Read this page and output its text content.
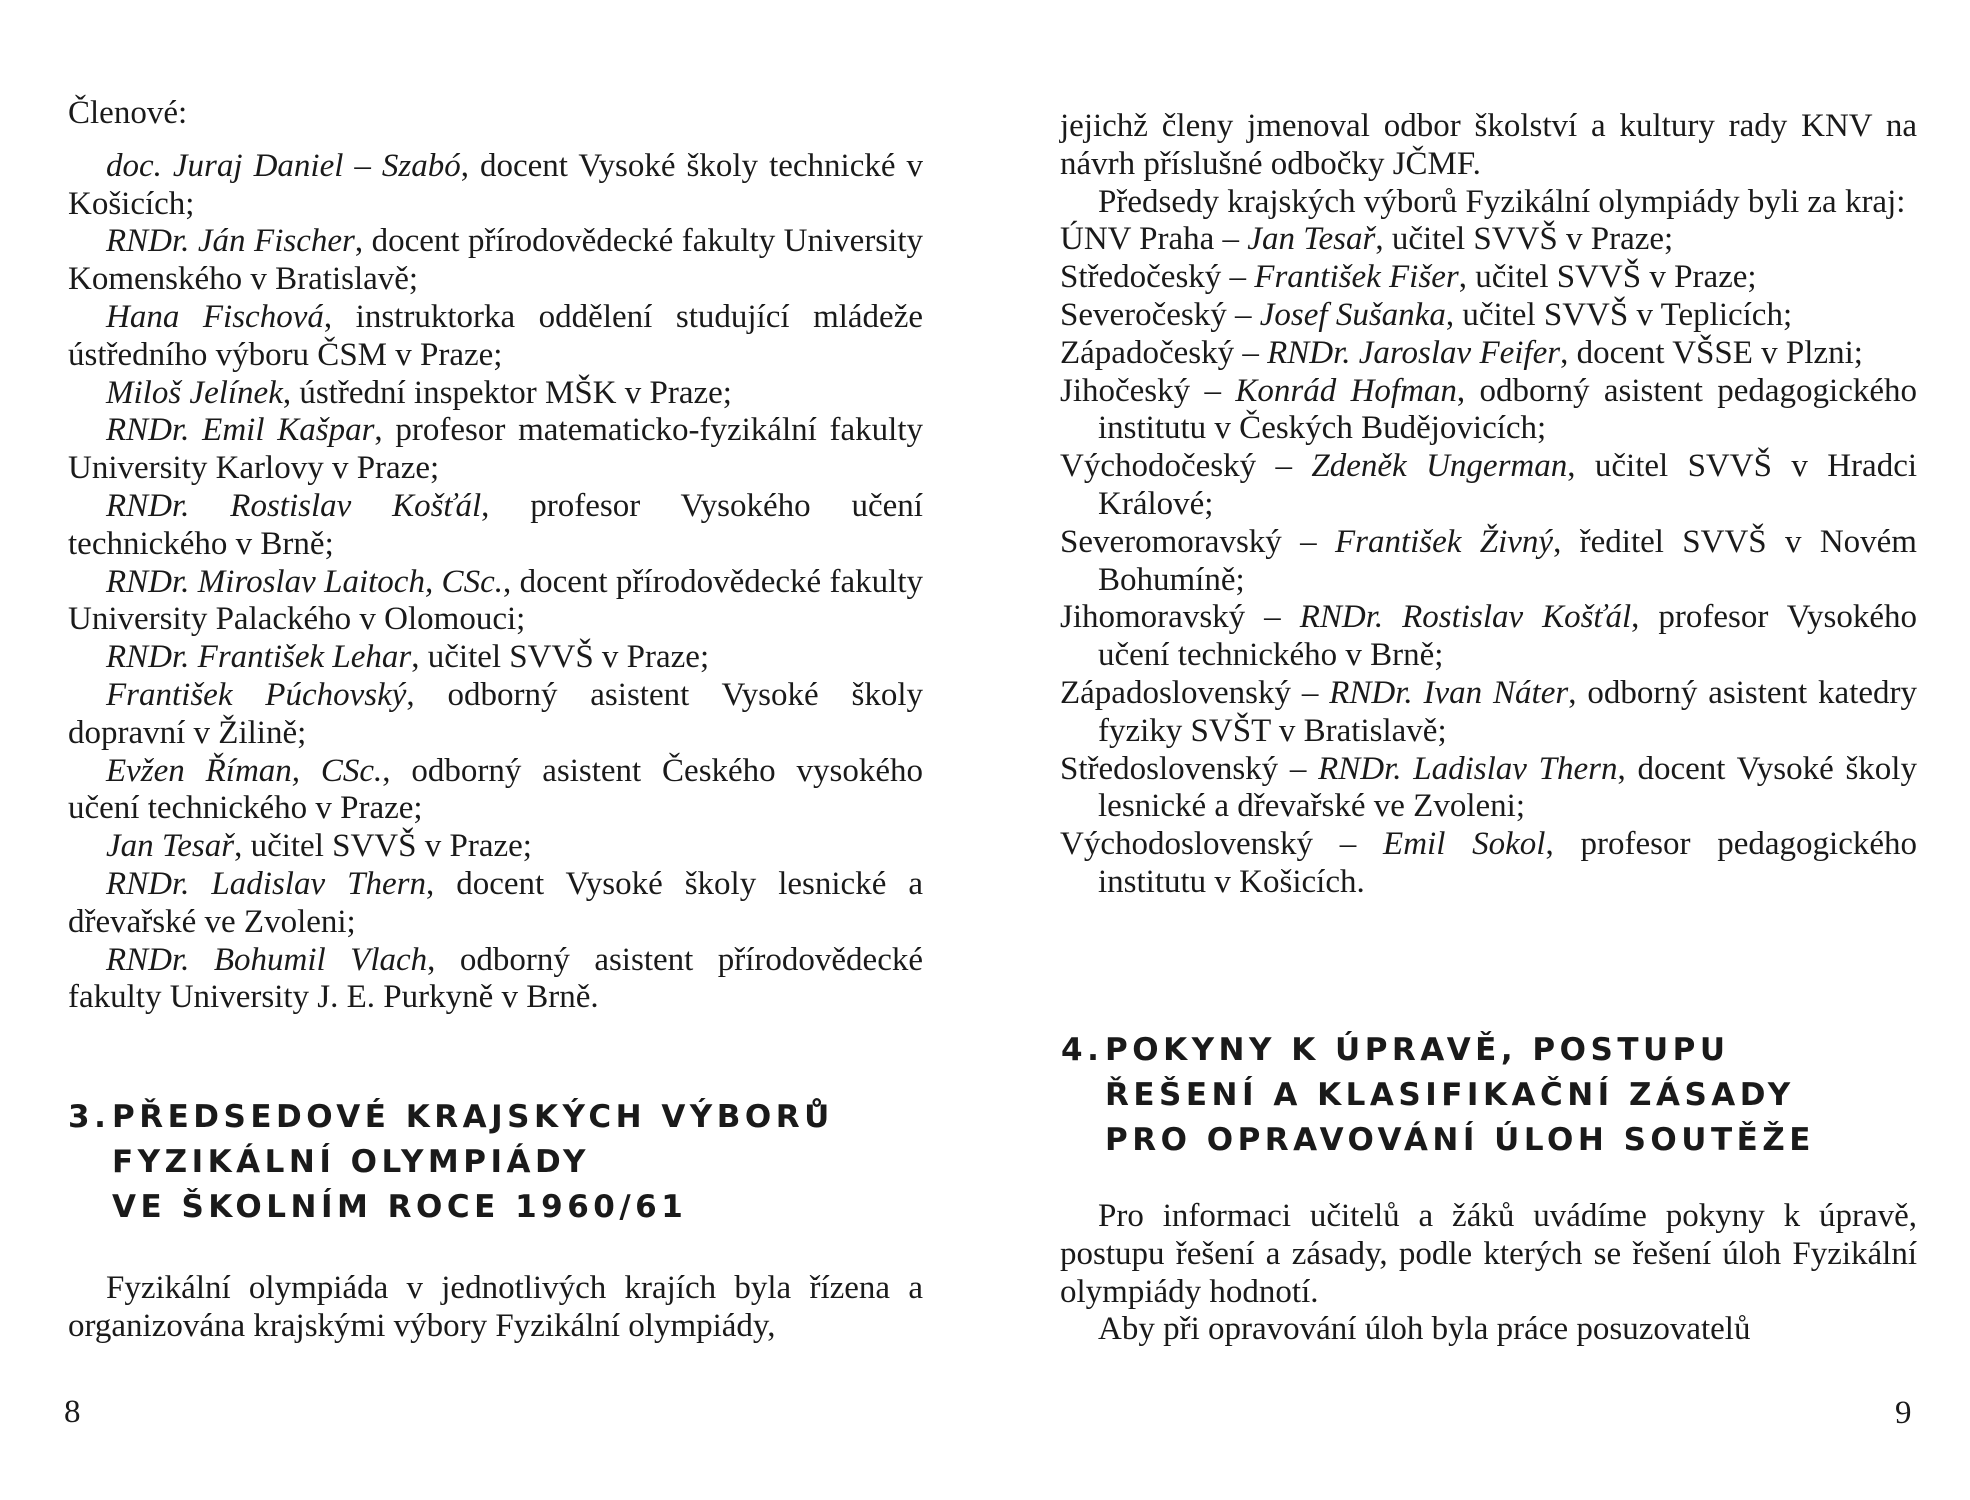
Členové:

doc. Juraj Daniel – Szabó, docent Vysoké školy technické v Košicích;

RNDr. Ján Fischer, docent přírodovědecké fakulty University Komenského v Bratislavě;

Hana Fischová, instruktorka oddělení studující mládeže ústředního výboru ČSM v Praze;

Miloš Jelínek, ústřední inspektor MŠK v Praze;

RNDr. Emil Kašpar, profesor matematicko-fyzikální fakulty University Karlovy v Praze;

RNDr. Rostislav Košťál, profesor Vysokého učení technického v Brně;

RNDr. Miroslav Laitoch, CSc., docent přírodovědecké fakulty University Palackého v Olomouci;

RNDr. František Lehar, učitel SVVŠ v Praze;

František Púchovský, odborný asistent Vysoké školy dopravní v Žilině;

Evžen Říman, CSc., odborný asistent Českého vysokého učení technického v Praze;

Jan Tesař, učitel SVVŠ v Praze;

RNDr. Ladislav Thern, docent Vysoké školy lesnické a dřevařské ve Zvoleni;

RNDr. Bohumil Vlach, odborný asistent přírodovědecké fakulty University J. E. Purkyně v Brně.

3.PŘEDSEDOVÉ KRAJSKÝCH VÝBORŮ
FYZIKÁLNÍ OLYMPIÁDY
VE ŠKOLNÍM ROCE 1960/61

Fyzikální olympiáda v jednotlivých krajích byla řízena a organizována krajskými výbory Fyzikální olympiády,

8

jejichž členy jmenoval odbor školství a kultury rady KNV na návrh příslušné odbočky JČMF.

Předsedy krajských výborů Fyzikální olympiády byli za kraj:

ÚNV Praha – Jan Tesař, učitel SVVŠ v Praze;

Středočeský – František Fišer, učitel SVVŠ v Praze;

Severočeský – Josef Sušanka, učitel SVVŠ v Teplicích;

Západočeský – RNDr. Jaroslav Feifer, docent VŠSE v Plzni;

Jihočeský – Konrád Hofman, odborný asistent pedagogického institutu v Českých Budějovicích;

Východočeský – Zdeněk Ungerman, učitel SVVŠ v Hradci Králové;

Severomoravský – František Živný, ředitel SVVŠ v Novém Bohumíně;

Jihomoravský – RNDr. Rostislav Košťál, profesor Vysokého učení technického v Brně;

Západoslovenský – RNDr. Ivan Náter, odborný asistent katedry fyziky SVŠT v Bratislavě;

Středoslovenský – RNDr. Ladislav Thern, docent Vysoké školy lesnické a dřevařské ve Zvoleni;

Východoslovenský – Emil Sokol, profesor pedagogického institutu v Košicích.

4.POKYNY K ÚPRAVĚ, POSTUPU
ŘEŠENÍ A KLASIFIKAČNÍ ZÁSADY
PRO OPRAVOVÁNÍ ÚLOH SOUTĚŽE

Pro informaci učitelů a žáků uvádíme pokyny k úpravě, postupu řešení a zásady, podle kterých se řešení úloh Fyzikální olympiády hodnotí.

Aby při opravování úloh byla práce posuzovatelů

9
